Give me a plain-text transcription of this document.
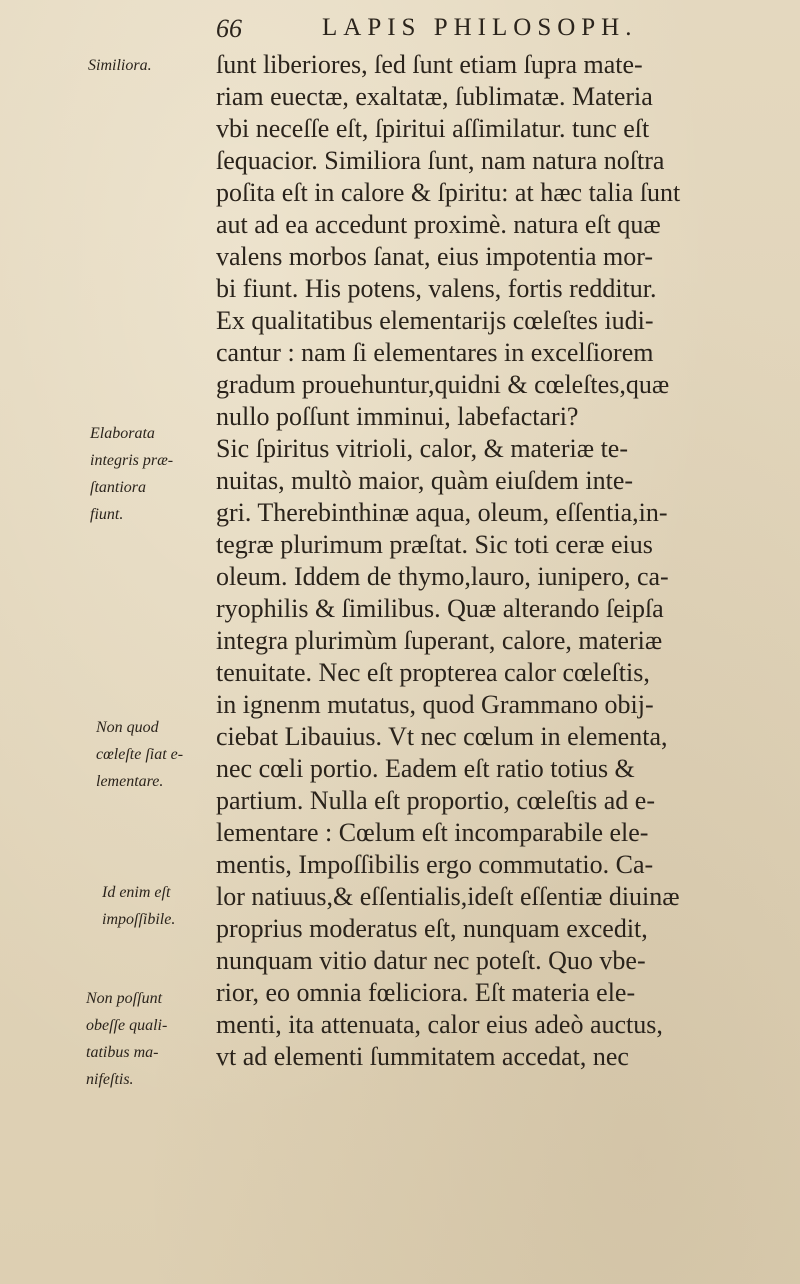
66	LAPIS PHILOSOPH.
ſunt liberiores, ſed ſunt etiam ſupra mate-
riam euectæ, exaltatæ, ſublimatæ. Materia
vbi neceſſe eſt, ſpiritui aſſimilatur. tunc eſt
ſequacior. Similiora ſunt, nam natura noſtra
poſita eſt in calore & ſpiritu: at hæc talia ſunt
aut ad ea accedunt proximè. natura eſt quæ
valens morbos ſanat, eius impotentia mor-
bi fiunt. His potens, valens, fortis redditur.
Ex qualitatibus elementarijs cœleſtes iudi-
cantur : nam ſi elementares in excelſiorem
gradum prouehuntur,quidni & cœleſtes,quæ
nullo poſſunt imminui, labefactari?
Sic ſpiritus vitrioli, calor, & materiæ te-
nuitas, multò maior, quàm eiuſdem inte-
gri. Therebinthinæ aqua, oleum, eſſentia,in-
tegræ plurimum præſtat. Sic toti ceræ eius
oleum. Iddem de thymo,lauro, iunipero, ca-
ryophilis & ſimilibus. Quæ alterando ſeipſa
integra plurimùm ſuperant, calore, materiæ
tenuitate. Nec eſt propterea calor cœleſtis,
in ignenm mutatus, quod Grammano obij-
ciebat Libauius. Vt nec cœlum in elementa,
nec cœli portio. Eadem eſt ratio totius &
partium. Nulla eſt proportio, cœleſtis ad e-
lementare : Cœlum eſt incomparabile ele-
mentis, Impoſſibilis ergo commutatio. Ca-
lor natiuus,& eſſentialis,ideſt eſſentiæ diuinæ
proprius moderatus eſt, nunquam excedit,
nunquam vitio datur nec poteſt. Quo vbe-
rior, eo omnia fœliciora. Eſt materia ele-
menti, ita attenuata, calor eius adeò auctus,
vt ad elementi ſummitatem accedat, nec
Similiora.
Elaborata
integris præ-
ſtantiora
fiunt.
Non quod
cœleſte ſiat e-
lementare.
Id enim eſt
impoſſibile.
Non poſſunt
obeſſe quali-
tatibus ma-
nifeſtis.
